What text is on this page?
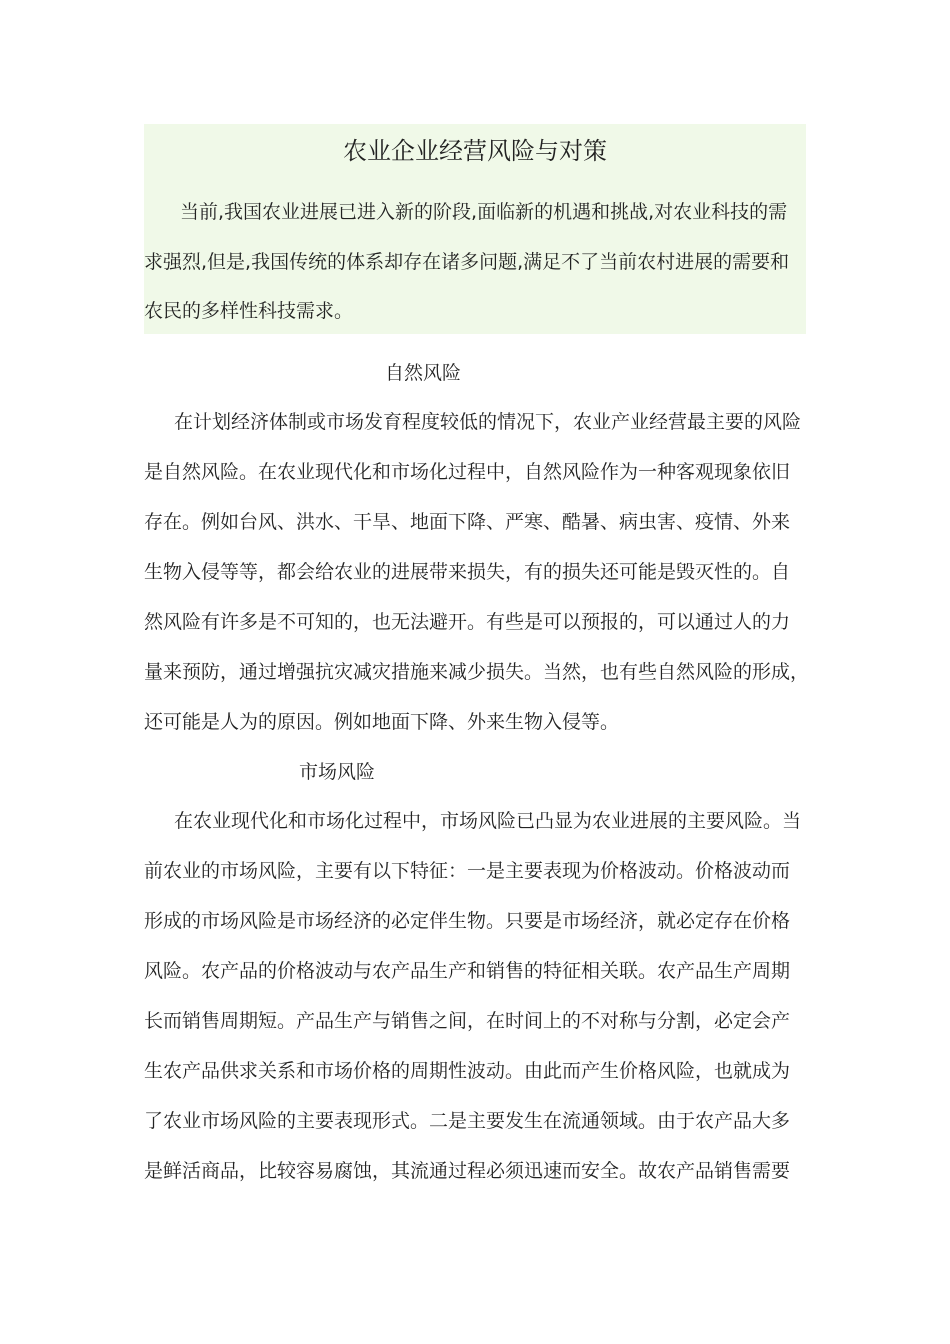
农业企业经营风险与对策
当前,我国农业进展已进入新的阶段,面临新的机遇和挑战,对农业科技的需
求强烈,但是,我国传统的体系却存在诸多问题,满足不了当前农村进展的需要和
农民的多样性科技需求。
自然风险
在计划经济体制或市场发育程度较低的情况下，农业产业经营最主要的风险
是自然风险。在农业现代化和市场化过程中，自然风险作为一种客观现象依旧
存在。例如台风、洪水、干旱、地面下降、严寒、酷暑、病虫害、疫情、外来
生物入侵等等，都会给农业的进展带来损失，有的损失还可能是毁灭性的。自
然风险有许多是不可知的，也无法避开。有些是可以预报的，可以通过人的力
量来预防，通过增强抗灾减灾措施来减少损失。当然，也有些自然风险的形成，
还可能是人为的原因。例如地面下降、外来生物入侵等。
市场风险
在农业现代化和市场化过程中，市场风险已凸显为农业进展的主要风险。当
前农业的市场风险，主要有以下特征：一是主要表现为价格波动。价格波动而
形成的市场风险是市场经济的必定伴生物。只要是市场经济，就必定存在价格
风险。农产品的价格波动与农产品生产和销售的特征相关联。农产品生产周期
长而销售周期短。产品生产与销售之间，在时间上的不对称与分割，必定会产
生农产品供求关系和市场价格的周期性波动。由此而产生价格风险，也就成为
了农业市场风险的主要表现形式。二是主要发生在流通领域。由于农产品大多
是鲜活商品，比较容易腐蚀，其流通过程必须迅速而安全。故农产品销售需要
